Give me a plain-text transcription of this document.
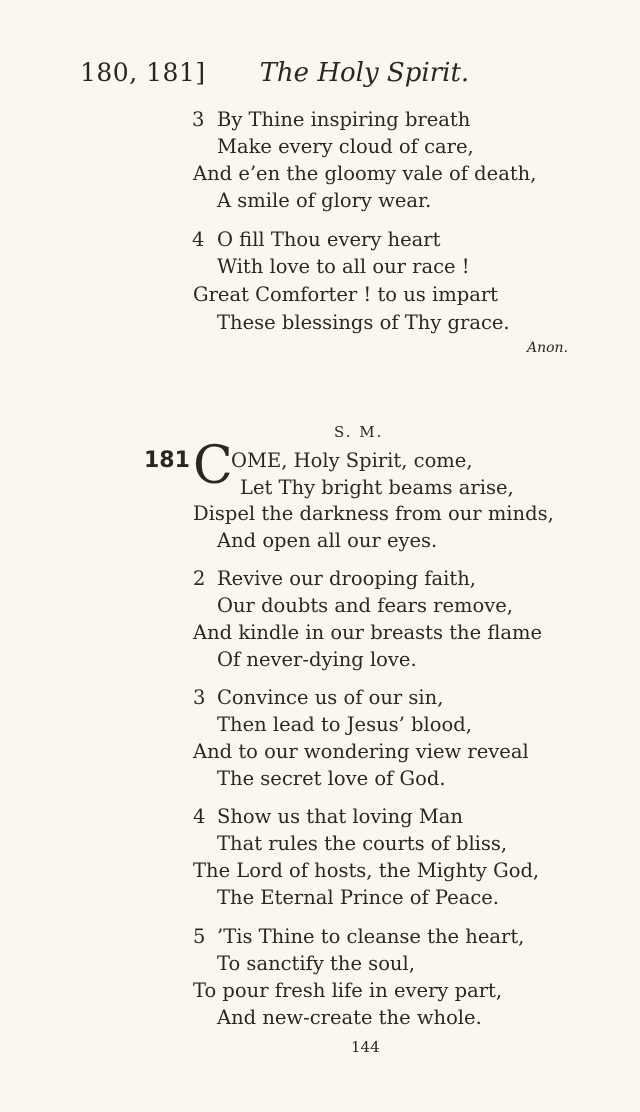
180, 181] The Holy Spirit.
3 By Thine inspiring breath
Make every cloud of care,
And e’en the gloomy vale of death,
A smile of glory wear.
4 O fill Thou every heart
With love to all our race !
Great Comforter ! to us impart
These blessings of Thy grace.
Anon.
S. M.
181 C
OME, Holy Spirit, come,
Let Thy bright beams arise,
Dispel the darkness from our minds,
And open all our eyes.
2 Revive our drooping faith,
Our doubts and fears remove,
And kindle in our breasts the flame
Of never-dying love.
3 Convince us of our sin,
Then lead to Jesus’ blood,
And to our wondering view reveal
The secret love of God.
4 Show us that loving Man
That rules the courts of bliss,
The Lord of hosts, the Mighty God,
The Eternal Prince of Peace.
5 ’Tis Thine to cleanse the heart,
To sanctify the soul,
To pour fresh life in every part,
And new-create the whole.
144
